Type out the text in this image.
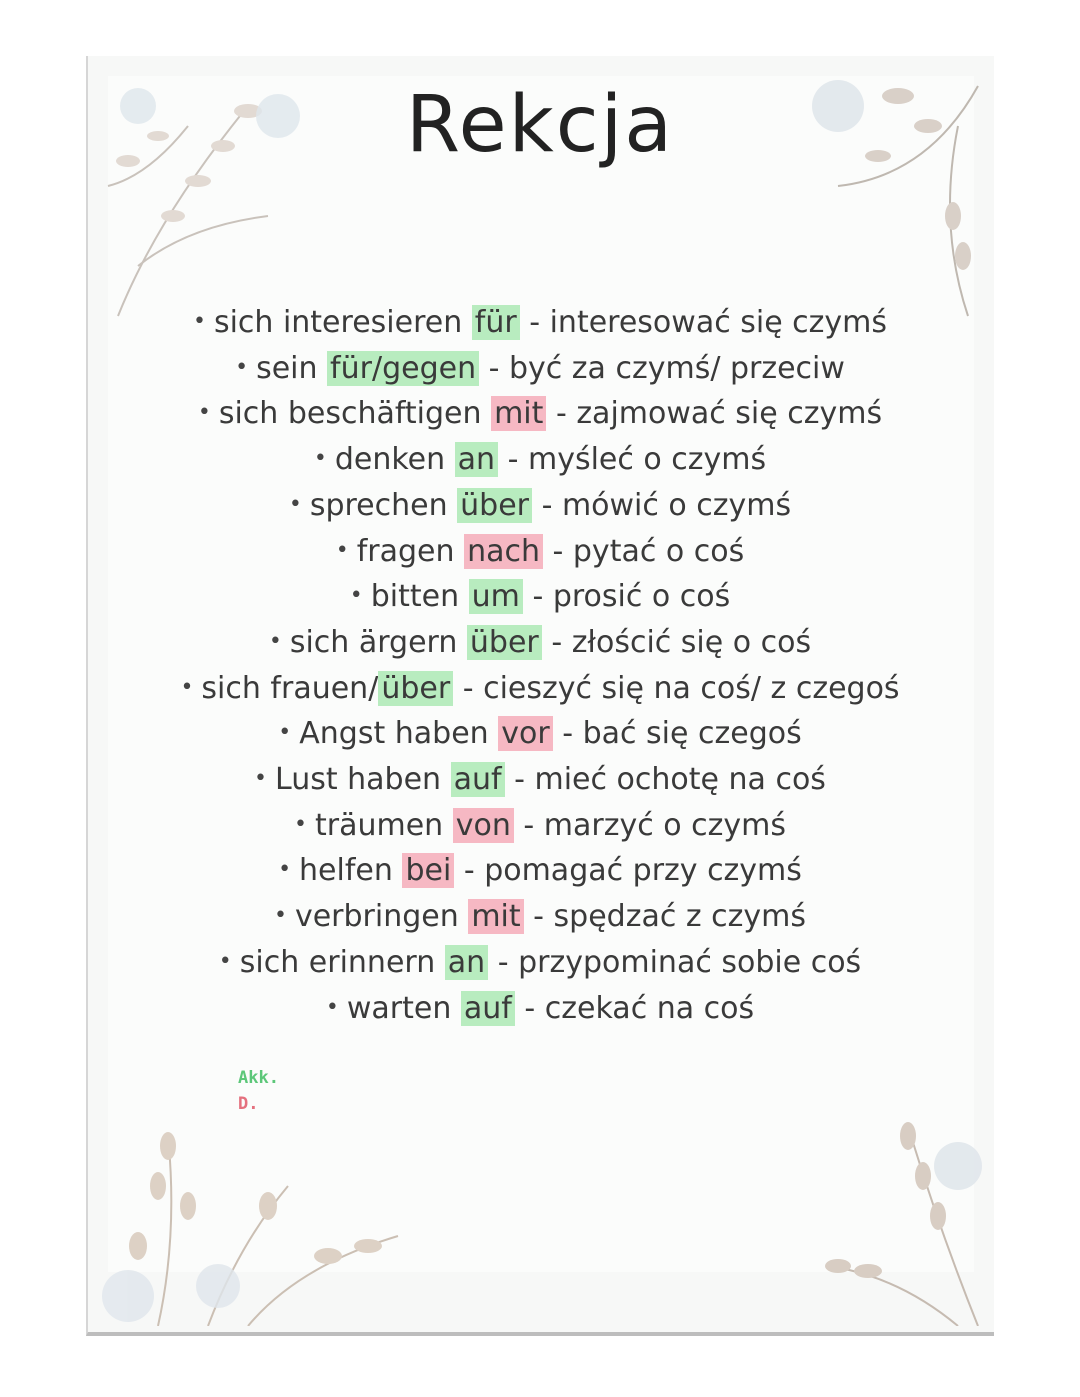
Rekcja
• sich interesieren für - interesować się czymś
• sein für/gegen - być za czymś/ przeciw
• sich beschäftigen mit - zajmować się czymś
• denken an - myśleć o czymś
• sprechen über - mówić o czymś
• fragen nach - pytać o coś
• bitten um - prosić o coś
• sich ärgern über - złościć się o coś
• sich frauen/ über - cieszyć się na coś/ z czegoś
• Angst haben vor - bać się czegoś
• Lust haben auf - mieć ochotę na coś
• träumen von - marzyć o czymś
• helfen bei - pomagać przy czymś
• verbringen mit - spędzać z czymś
• sich erinnern an - przypominać sobie coś
• warten auf - czekać na coś
Akk.
D.
